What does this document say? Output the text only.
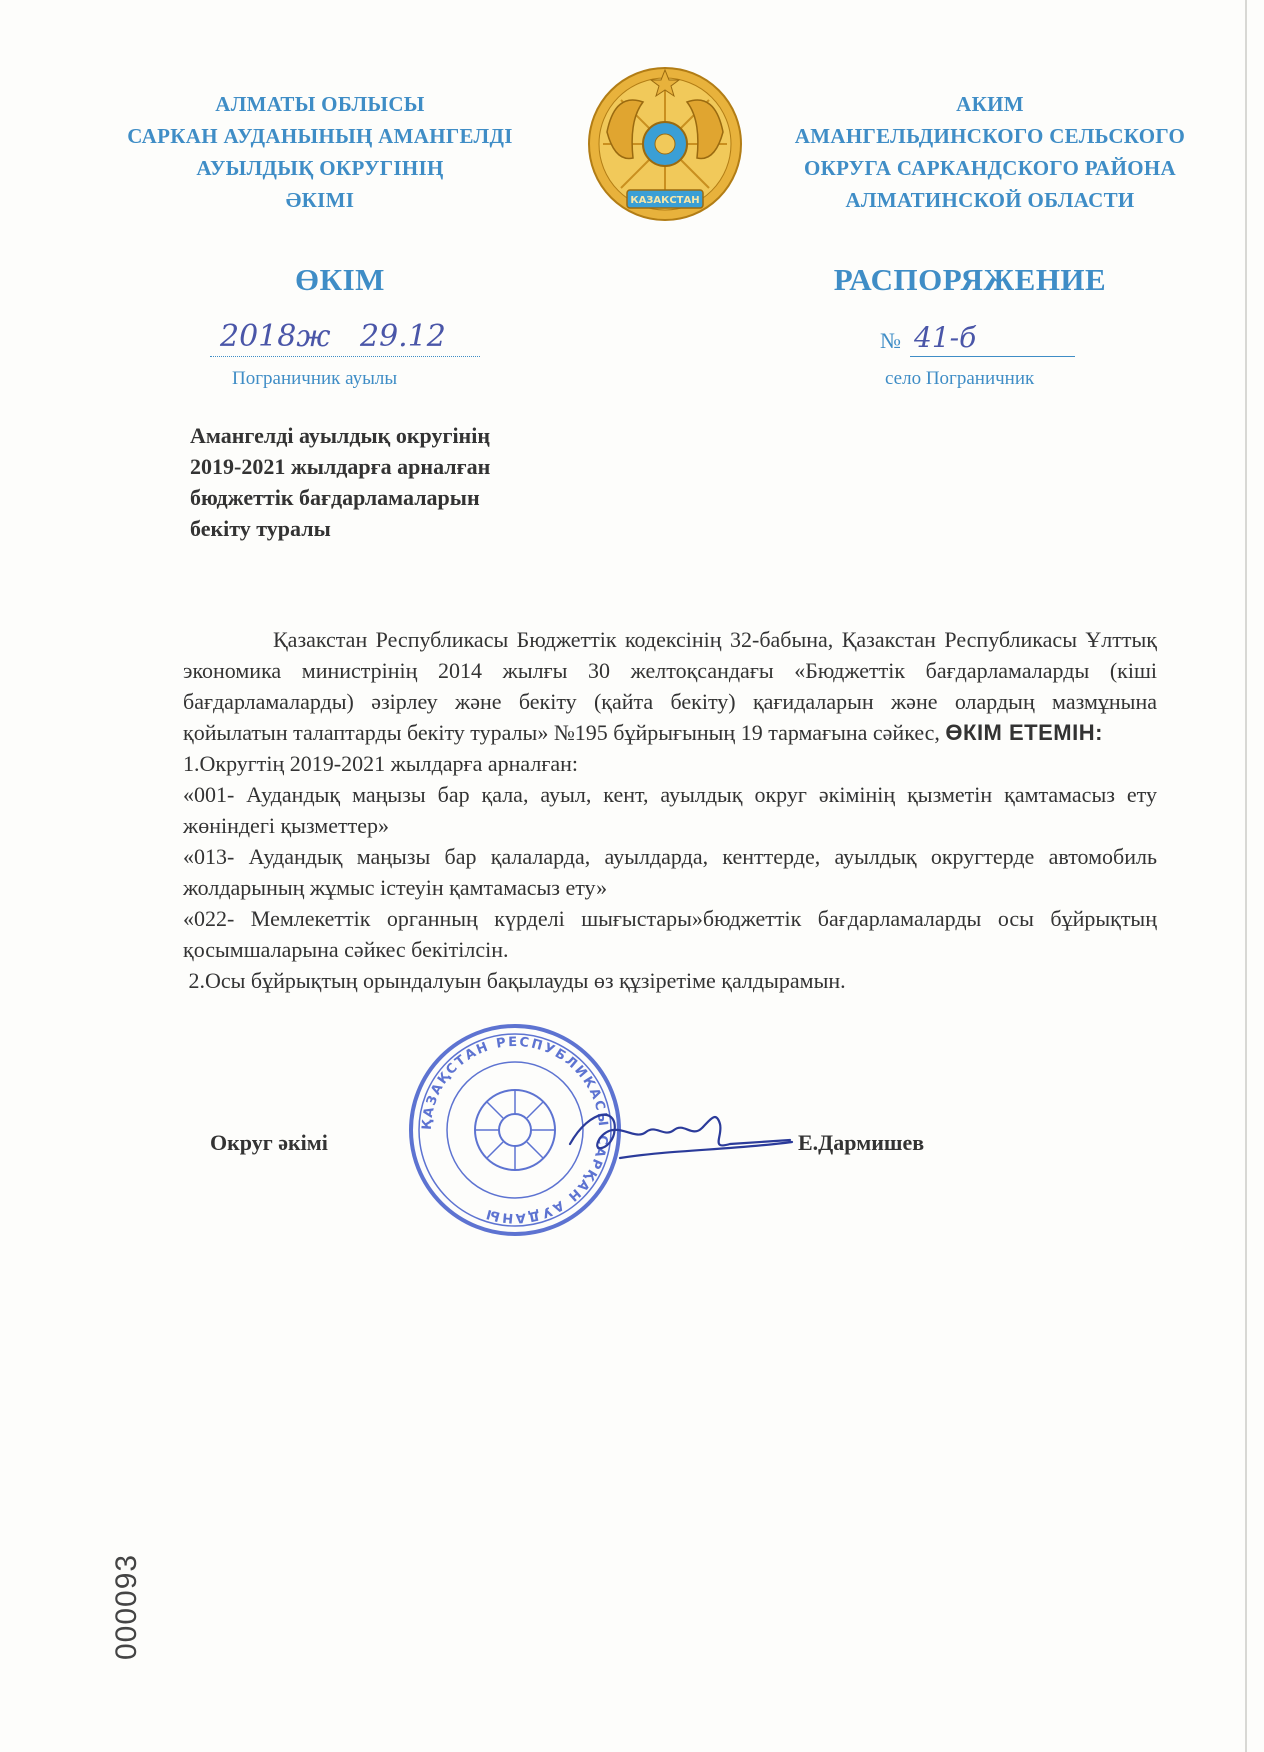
АЛМАТЫ ОБЛЫСЫ
САРКАН АУДАНЫНЫҢ АМАНГЕЛДІ
АУЫЛДЫҚ ОКРУГІНІҢ
ӘКІМІ	КАЗАКСТАН
АКИМ
АМАНГЕЛЬДИНСКОГО СЕЛЬСКОГО
ОКРУГА САРКАНДСКОГО РАЙОНА
АЛМАТИНСКОЙ ОБЛАСТИ
ӨКІМ	РАСПОРЯЖЕНИЕ
2018ж 29.12	№ 41-б
Пограничник ауылы	село Пограничник
Амангелді ауылдық округінің
2019-2021 жылдарға арналған
бюджеттік бағдарламаларын
бекіту туралы

Қазакстан Республикасы Бюджеттік кодексінің 32-бабына, Қазакстан Республикасы Ұлттық экономика министрінің 2014 жылғы 30 желтоқсандағы «Бюджеттік бағдарламаларды (кіші бағдарламаларды) әзірлеу және бекіту (қайта бекіту) қағидаларын және олардың мазмұнына қойылатын талаптарды бекіту туралы» №195 бұйрығының 19 тармағына сәйкес, ӨКІМ ЕТЕМІН:

1.Округтің 2019-2021 жылдарға арналған:

«001- Аудандық маңызы бар қала, ауыл, кент, ауылдық округ әкімінің қызметін қамтамасыз ету жөніндегі қызметтер»

«013- Аудандық маңызы бар қалаларда, ауылдарда, кенттерде, ауылдық округтерде автомобиль жолдарының жұмыс істеуін қамтамасыз ету»

«022- Мемлекеттік органның күрделі шығыстары»бюджеттік бағдарламаларды осы бұйрықтың қосымшаларына сәйкес бекітілсін.

2.Осы бұйрықтың орындалуын бақылауды өз құзіретіме қалдырамын.

ҚАЗАҚСТАН РЕСПУБЛИКАСЫ САРҚАН АУДАНЫ
Округ әкімі	Е.Дармишев
000093
